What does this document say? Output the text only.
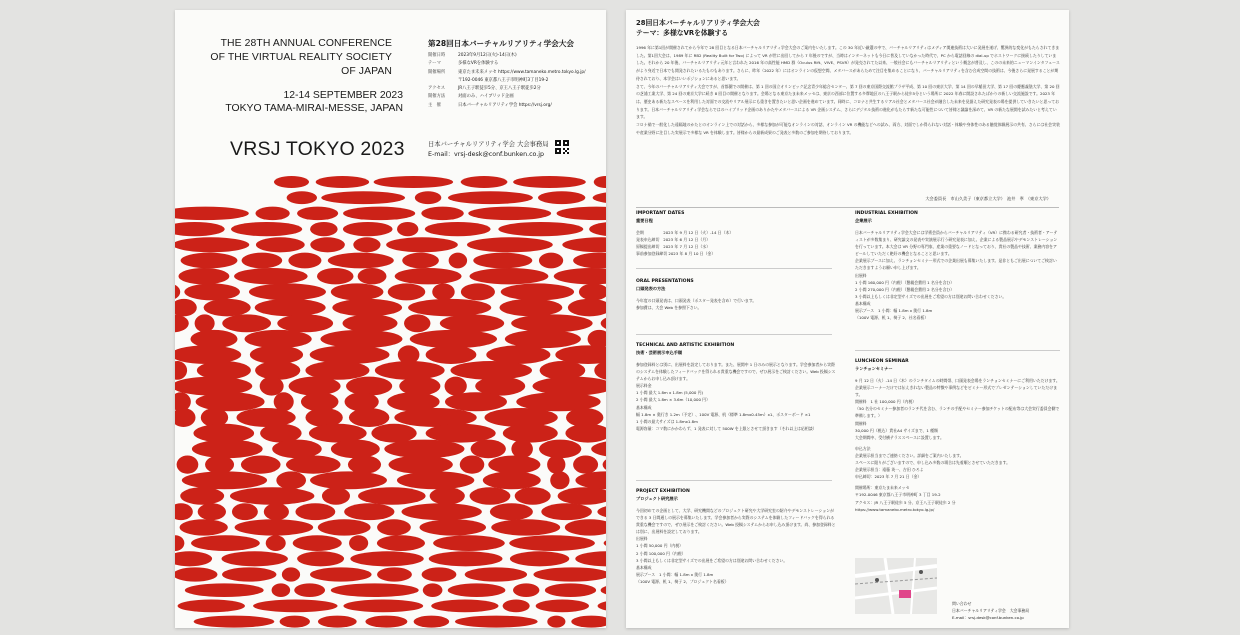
THE 28TH ANNUAL CONFERENCE
OF THE VIRTUAL REALITY SOCIETY
OF JAPAN
12-14 SEPTEMBER 2023
TOKYO TAMA-MIRAI-MESSE, JAPAN
VRSJ TOKYO 2023
第28回日本バーチャルリアリティ学会大会
開催日時	2023年9月12日(火)-14日(木)
テーマ	多様なVRを体験する
開催場所	東京たま未来メッセ https://www.tamaneko.metro.tokyo.lg.jp/
〒192-0046 東京都八王子市明神町3丁目19-2
アクセス	JR八王子駅徒歩5分、京王八王子駅徒歩2分
開催方法	対面のみ、ハイブリッド企画
主　催	日本バーチャルリアリティ学会 https://vrsj.org/
日本バーチャルリアリティ学会 大会事務局
E-mail：vrsj-desk@conf.bunken.co.jp
28回日本バーチャルリアリティ学会大会
テーマ：多様なVRを体験する

1996 年に第1回が開催されてから今年で 28 回目となる日本バーチャルリアリティ学会大会のご案内をいたします。この 30 年近い厳選の中で、バーチャルリアリティはメディア関連技術は大いに発展を遂げ、驚異的な変化がもたらされてきました。第1回大会は、1989 年に RB2 (Reality Built for Two) によって VR が世に出回してから 7 年後のですが、当時はインターネットも今日に普及していなかった時代で、PC から電話回線の dial-up でホストワークに接続したりしていました。それから 20 年後、バーチャルリアリティ元年と言われた 2016 年の高性能 HMD 群（Oculus Rift、VIVE、PSVR）が発売されてた以来、一般社会にもバーチャルリアリティという概念が普及し、このの未来的ニューマンインタフェースがより身近で日本でも開発されたいるたものもあります。さらに、昨年（2022 年）にはオンラインの仮想空間、メタバースがあらためて注目を集めることになり、バーチャルリアリティを含む合成空間の技術は、今後さらに発展することが期待されており、本学会はいいポジションにあると思います。

さて、今年のバーチャルリアリティ大会ですが、首都圏での開催は、第 1 回の国立オリンピック記念青少年総合センター、第 7 回の東京国際交流館プラザ平成、第 10 回の東京大学、第 14 回の早稲田大学、第 17 回の慶應義塾大学、第 20 回の芝浦工業大学、第 24 回の東京大学に続き 8 回目の開催となります。会場となる東京たま未来メッセは、東京の西部に位置する多摩地区の八王子駅から徒歩5分という場所に 2022 年春に開設されたばかりの新しい交流施設です。2023 年は、歴史ある新たなスペースを利用した対面での交流やリアル展示にも重きを置きたいと思い企画を進めています。同時に、コロナと共生するリアル社会とメタバース社会が融合した未来を見据えた研究発表の場を提供していきたいと思っております。日本バーチャルリアリティ学会ならではのハイブリッド企画のありかたやメタバースによる VR 企画システム、さらにデジタル技術の進化がもたらす新たな可能性について皆様と議論を深めて、VR の新たな展開を試みたいと考えています。

コロナ禍で一般化した遠隔地のかたとのオンライン上での対話から、多様な参加が可能なオンラインの対話、オンライン VR の機能などへの試み、両方、対面でしか得られない対話・体験や身体性のある触覚体験展示の共有、さらには社会実装や産業分野に注目した実展示で多様な VR を体験します。皆様からの最新成果のご発表と多数のご参加を期待しております。

大会委員長　市山久美子（東京都立大学）　池井　寧　（東京大学）
IMPORTANT DATES
重要日程
会期　　　　　2023 年 9 月 12 日（火）-14 日（木）
発表申込締切　2023 年 6 月 12 日（月）
原稿提出締切　2023 年 7 月 12 日（水）
事前参加登録締切 2023 年 8 月 10 日（金）
ORAL PRESENTATIONS
口頭発表の方法
今年度の口頭発表は、口頭発表（ポスター発表を含め）で行います。
参加費は、大会 Web を参照下さい。
TECHNICAL AND ARTISTIC EXHIBITION
技術・芸術展示申込手順
参加登録料とは別に、出展料を設定しております。また、展開中 1 日のみの展示となります。学会参加者から実際のシステムを体験したフィードバックを得られる貴重な機会ですので、ぜひ展示をご検討ください。Web 投稿システムからお申し込み頂けます。
展示料金
1 小間 最大 1.8m x 1.8m (5,000 円)
2 小間 最大 1.8m × 3.6m（10,000 円）
基本構成
幅 1.8m × 奥行き 1.2m（予定）、100V 電源、机（標準 1.8mx0.45m）x1、ポスターボード ×1
1 小間の最大サイズは 1.8mx1.8m
電源容量：コマ数にかかわらず、1 発表に対して 500W を上限とさせて頂きます（それ以上は応相談）
PROJECT EXHIBITION
プロジェクト研究展示
今回初めての企画として、大学、研究機関などのプロジェクト研究や大学研究室の紹介やデモンストレーションができる 3 日間通しの展示を募集いたします。学会参加者から実際のシステムを体験したフィードバックを得られる貴重な機会ですので、ぜひ展示をご検討ください。Web 投稿システムからお申し込み頂けます。尚、参加登録料とは別に、出展料を設定しております。
出展料
1 小間 50,000 円（内税）
2 小間 100,000 円（内税）
3 小間以上もしくは非定型サイズでの出展をご希望の方は別途お問い合わせください。
基本構成
展示ブース　1 小間：幅 1.8m x 奥行 1.8m
（100V 電源、机 1、椅子 2、プロジェクト名看板）
INDUSTRIAL EXHIBITION
企業展示
日本バーチャルリアリティ学会大会には学術会員からバーチャルリアリティ（VR）に携わる研究者・技術者・アーティストが多数集まり、研究論文の発表や実演展示行う研究発表に加え、企業による製品展示やデモンストレーションを行っています。本大会は VR 分野の専門家、産業の重要なノードとなっており、貴社の製品や技術、業務内容をアピールしていただく絶好の機会となることと思います。
企業展示ブースに加え、ランチョンセミナー形式での企業出展も募集いたします。是非ともご出展についてご検討いただきますようお願い申し上げます。
出展料
1 小間 160,000 円（内税）（懇親会費用 1 名分を含む）
2 小間 270,000 円（内税）（懇親会費用 2 名分を含む）
3 小間以上もしくは非定型サイズでの出展をご希望の方は別途お問い合わせください。
基本構成
展示ブース　1 小間：幅 1.8m x 奥行 1.8m
（100V 電源、机 1、椅子 2、社名看板）
LUNCHEON SEMINAR
ランチョンセミナー
9 月 12 日（火）-14 日（木）のランチタイムの時間帯、口頭発表会場をランチョンセミナーにご利用いただけます。
企業展示コーナーだけでは伝えきれない製品の特徴や事例などをビミナー形式でプレゼンテーションしていただけます。
開催料　1 社 100,000 円（内税）
（50 名分のセミナー参加者のランチ代を含む、ランチの手配やセミナー参加チケットの配布等は大会実行委員会側で準備します。）
開催料
30,000 円（税込）貴社A4 サイズまで、1 種類
大会期間中、受付横テラススペースに設置します。
申込方法
企業展示担当までご連絡ください。詳細をご案内いたします。
スペースに限りがございますので、申し込み多数の場合は先着順とさせていただきます。
企業展示担当：遠藤 英一、吉田 ひろよ
申込締切：2023 年 7 月 21 日（金）
開催場所：東京たま未来メッセ
〒192-0046 東京都八王子市明神町 3 丁目 19-2
アクセス：JR 八王子駅徒歩 5 分、京王八王子駅徒歩 2 分
https://www.tamaneko.metro.tokyo.lg.jp/
問い合わせ
日本バーチャルリアリティ学会　大会事務局
E-mail：vrsj-desk@conf.bunken.co.jp
